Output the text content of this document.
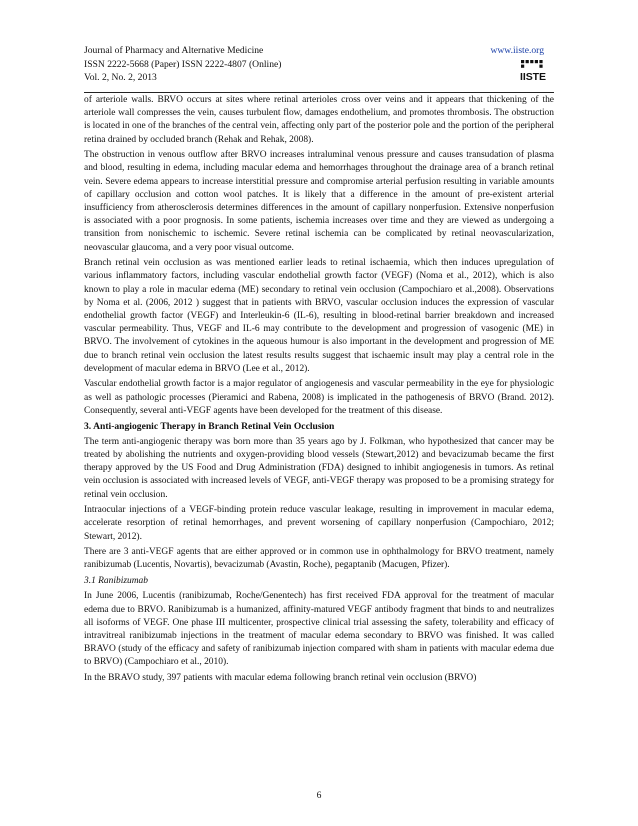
Journal of Pharmacy and Alternative Medicine
ISSN 2222-5668 (Paper) ISSN 2222-4807 (Online)
Vol. 2, No. 2, 2013
www.iiste.org
IISTE

of arteriole walls. BRVO occurs at sites where retinal arterioles cross over veins and it appears that thickening of the arteriole wall compresses the vein, causes turbulent flow, damages endothelium, and promotes thrombosis. The obstruction is located in one of the branches of the central vein, affecting only part of the posterior pole and the portion of the peripheral retina drained by occluded branch (Rehak and Rehak, 2008).

The obstruction in venous outflow after BRVO increases intraluminal venous pressure and causes transudation of plasma and blood, resulting in edema, including macular edema and hemorrhages throughout the drainage area of a branch retinal vein. Severe edema appears to increase interstitial pressure and compromise arterial perfusion resulting in variable amounts of capillary occlusion and cotton wool patches. It is likely that a difference in the amount of pre-existent arterial insufficiency from atherosclerosis determines differences in the amount of capillary nonperfusion. Extensive nonperfusion is associated with a poor prognosis. In some patients, ischemia increases over time and they are viewed as undergoing a transition from nonischemic to ischemic. Severe retinal ischemia can be complicated by retinal neovascularization, neovascular glaucoma, and a very poor visual outcome.

Branch retinal vein occlusion as was mentioned earlier leads to retinal ischaemia, which then induces upregulation of various inflammatory factors, including vascular endothelial growth factor (VEGF) (Noma et al., 2012), which is also known to play a role in macular edema (ME) secondary to retinal vein occlusion (Campochiaro et al.,2008). Observations by Noma et al. (2006, 2012 ) suggest that in patients with BRVO, vascular occlusion induces the expression of vascular endothelial growth factor (VEGF) and Interleukin-6 (IL-6), resulting in blood-retinal barrier breakdown and increased vascular permeability. Thus, VEGF and IL-6 may contribute to the development and progression of vasogenic (ME) in BRVO. The involvement of cytokines in the aqueous humour is also important in the development and progression of ME due to branch retinal vein occlusion the latest results results suggest that ischaemic insult may play a central role in the development of macular edema in BRVO (Lee et al., 2012).

Vascular endothelial growth factor is a major regulator of angiogenesis and vascular permeability in the eye for physiologic as well as pathologic processes (Pieramici and Rabena, 2008) is implicated in the pathogenesis of BRVO (Brand. 2012). Consequently, several anti-VEGF agents have been developed for the treatment of this disease.

3. Anti-angiogenic Therapy in Branch Retinal Vein Occlusion

The term anti-angiogenic therapy was born more than 35 years ago by J. Folkman, who hypothesized that cancer may be treated by abolishing the nutrients and oxygen-providing blood vessels (Stewart,2012) and bevacizumab became the first therapy approved by the US Food and Drug Administration (FDA) designed to inhibit angiogenesis in tumors. As retinal vein occlusion is associated with increased levels of VEGF, anti-VEGF therapy was proposed to be a promising strategy for retinal vein occlusion.

Intraocular injections of a VEGF-binding protein reduce vascular leakage, resulting in improvement in macular edema, accelerate resorption of retinal hemorrhages, and prevent worsening of capillary nonperfusion (Campochiaro, 2012; Stewart, 2012).

There are 3 anti-VEGF agents that are either approved or in common use in ophthalmology for BRVO treatment, namely ranibizumab (Lucentis, Novartis), bevacizumab (Avastin, Roche), pegaptanib (Macugen, Pfizer).

3.1 Ranibizumab

In June 2006, Lucentis (ranibizumab, Roche/Genentech) has first received FDA approval for the treatment of macular edema due to BRVO. Ranibizumab is a humanized, affinity-matured VEGF antibody fragment that binds to and neutralizes all isoforms of VEGF. One phase III multicenter, prospective clinical trial assessing the safety, tolerability and efficacy of intravitreal ranibizumab injections in the treatment of macular edema secondary to BRVO was finished. It was called BRAVO (study of the efficacy and safety of ranibizumab injection compared with sham in patients with macular edema due to BRVO) (Campochiaro et al., 2010).

In the BRAVO study, 397 patients with macular edema following branch retinal vein occlusion (BRVO)

6
